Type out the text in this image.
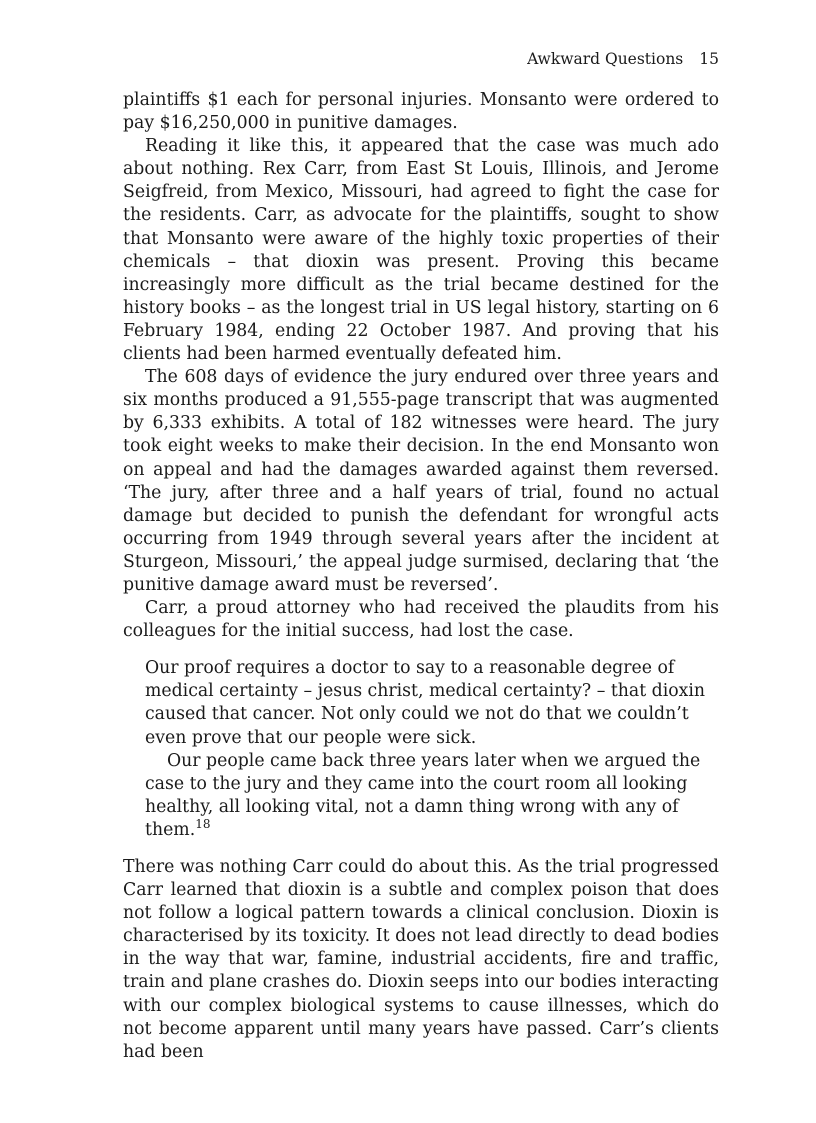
Awkward Questions 15

plaintiffs $1 each for personal injuries. Monsanto were ordered to pay $16,250,000 in punitive damages.

Reading it like this, it appeared that the case was much ado about nothing. Rex Carr, from East St Louis, Illinois, and Jerome Seigfreid, from Mexico, Missouri, had agreed to fight the case for the residents. Carr, as advocate for the plaintiffs, sought to show that Monsanto were aware of the highly toxic properties of their chemicals – that dioxin was present. Proving this became increasingly more difficult as the trial became destined for the history books – as the longest trial in US legal history, starting on 6 February 1984, ending 22 October 1987. And proving that his clients had been harmed eventually defeated him.

The 608 days of evidence the jury endured over three years and six months produced a 91,555-page transcript that was augmented by 6,333 exhibits. A total of 182 witnesses were heard. The jury took eight weeks to make their decision. In the end Monsanto won on appeal and had the damages awarded against them reversed. ‘The jury, after three and a half years of trial, found no actual damage but decided to punish the defendant for wrongful acts occurring from 1949 through several years after the incident at Sturgeon, Missouri,’ the appeal judge surmised, declaring that ‘the punitive damage award must be reversed’.

Carr, a proud attorney who had received the plaudits from his colleagues for the initial success, had lost the case.

Our proof requires a doctor to say to a reasonable degree of medical certainty – jesus christ, medical certainty? – that dioxin caused that cancer. Not only could we not do that we couldn’t even prove that our people were sick.

Our people came back three years later when we argued the case to the jury and they came into the court room all looking healthy, all looking vital, not a damn thing wrong with any of them.$^{18}$

There was nothing Carr could do about this. As the trial progressed Carr learned that dioxin is a subtle and complex poison that does not follow a logical pattern towards a clinical conclusion. Dioxin is characterised by its toxicity. It does not lead directly to dead bodies in the way that war, famine, industrial accidents, fire and traffic, train and plane crashes do. Dioxin seeps into our bodies interacting with our complex biological systems to cause illnesses, which do not become apparent until many years have passed. Carr’s clients had been
